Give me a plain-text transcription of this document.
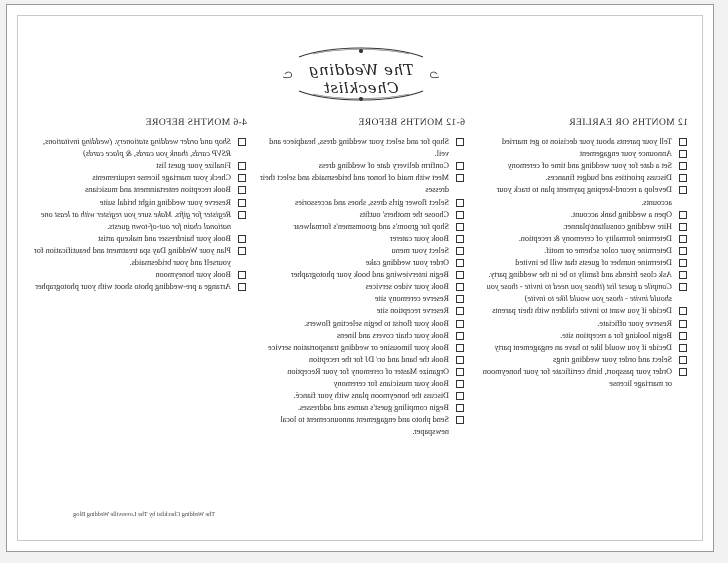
The Wedding Checklist
12 MONTHS OR EARLIER
Tell your parents about your decision to get married
Announce your engagement
Set a date for your wedding and time of ceremony
Discuss priorities and budget finances.
Develop a record-keeping payment plan to track your accounts.
Open a wedding bank account.
Hire wedding consultant/planner.
Determine formality of ceremony & reception.
Determine your color scheme or motif.
Determine number of guests that will be invited
Ask close friends and family to be in the wedding party.
Compile a guest list (those you need to invite - those you should invite - those you would like to invite)
Decide if you want to invite children with their parents
Reserve your officiate.
Begin looking for a reception site.
Decide if you would like to have an engagement party
Select and order your wedding rings
Order your passport, birth certificate for your honeymoon or marriage license
6-12 MONTHS BEFORE
Shop for and select your wedding dress, headpiece and veil.
Confirm delivery date of wedding dress
Meet with maid of honor and bridesmaids and select their dresses
Select flower girls dress, shoes and accessories
Choose the mothers' outfits
Shop for groom's and groomsmen's formalwear
Book your caterer
Select your menu
Order your wedding cake
Begin interviewing and book your photographer
Book your video services
Reserve ceremony site
Reserve reception site
Book your florist to begin selecting flowers.
Book your chair covers and linens
Book your limousine or wedding transportation service
Book the band and or/ DJ for the reception
Organize Master of ceremony for your Reception
Book your musicians for ceremony
Discuss the honeymoon plans with your fiancé.
Begin compiling guest's names and addresses.
Send photo and engagement announcement to local newspaper.
4-6 MONTHS BEFORE
Shop and order wedding stationery. (wedding invitations, RSVP cards, thank you cards, & place cards)
Finalize your guest list
Check your marriage license requirements
Book reception entertainment and musicians
Reserve your wedding night bridal suite
Register for gifts. Make sure you register with at least one national chain for out-of-town guests.
Book your hairdresser and makeup artist
Plan your Wedding Day spa treatment and beautification for yourself and your bridesmaids.
Book your honeymoon
Arrange a pre-wedding photo shoot with your photographer
The Wedding Checklist by The Lovesville Wedding Blog
